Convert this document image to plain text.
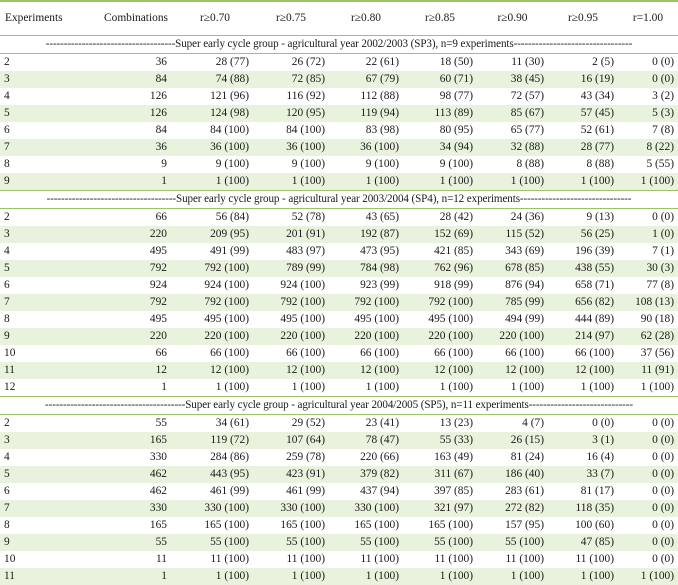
Experiments	Combinations	r≥0.70	r≥0.75	r≥0.80	r≥0.85	r≥0.90	r≥0.95	r=1.00
------------------------------------Super early cycle group - agricultural year 2002/2003 (SP3), n=9 experiments---------------------------------								
2	36	28 (77)	26 (72)	22 (61)	18 (50)	11 (30)	2 (5)	0 (0)
3	84	74 (88)	72 (85)	67 (79)	60 (71)	38 (45)	16 (19)	0 (0)
4	126	121 (96)	116 (92)	112 (88)	98 (77)	72 (57)	43 (34)	3 (2)
5	126	124 (98)	120 (95)	119 (94)	113 (89)	85 (67)	57 (45)	5 (3)
6	84	84 (100)	84 (100)	83 (98)	80 (95)	65 (77)	52 (61)	7 (8)
7	36	36 (100)	36 (100)	36 (100)	34 (94)	32 (88)	28 (77)	8 (22)
8	9	9 (100)	9 (100)	9 (100)	9 (100)	8 (88)	8 (88)	5 (55)
9	1	1 (100)	1 (100)	1 (100)	1 (100)	1 (100)	1 (100)	1 (100)
------------------------------------Super early cycle group - agricultural year 2003/2004 (SP4), n=12 experiments-------------------------------								
2	66	56 (84)	52 (78)	43 (65)	28 (42)	24 (36)	9 (13)	0 (0)
3	220	209 (95)	201 (91)	192 (87)	152 (69)	115 (52)	56 (25)	1 (0)
4	495	491 (99)	483 (97)	473 (95)	421 (85)	343 (69)	196 (39)	7 (1)
5	792	792 (100)	789 (99)	784 (98)	762 (96)	678 (85)	438 (55)	30 (3)
6	924	924 (100)	924 (100)	923 (99)	918 (99)	876 (94)	658 (71)	77 (8)
7	792	792 (100)	792 (100)	792 (100)	792 (100)	785 (99)	656 (82)	108 (13)
8	495	495 (100)	495 (100)	495 (100)	495 (100)	494 (99)	444 (89)	90 (18)
9	220	220 (100)	220 (100)	220 (100)	220 (100)	220 (100)	214 (97)	62 (28)
10	66	66 (100)	66 (100)	66 (100)	66 (100)	66 (100)	66 (100)	37 (56)
11	12	12 (100)	12 (100)	12 (100)	12 (100)	12 (100)	12 (100)	11 (91)
12	1	1 (100)	1 (100)	1 (100)	1 (100)	1 (100)	1 (100)	1 (100)
---------------------------------------Super early cycle group - agricultural year 2004/2005 (SP5), n=11 experiments-----------------------------								
2	55	34 (61)	29 (52)	23 (41)	13 (23)	4 (7)	0 (0)	0 (0)
3	165	119 (72)	107 (64)	78 (47)	55 (33)	26 (15)	3 (1)	0 (0)
4	330	284 (86)	259 (78)	220 (66)	163 (49)	81 (24)	16 (4)	0 (0)
5	462	443 (95)	423 (91)	379 (82)	311 (67)	186 (40)	33 (7)	0 (0)
6	462	461 (99)	461 (99)	437 (94)	397 (85)	283 (61)	81 (17)	0 (0)
7	330	330 (100)	330 (100)	330 (100)	321 (97)	272 (82)	118 (35)	0 (0)
8	165	165 (100)	165 (100)	165 (100)	165 (100)	157 (95)	100 (60)	0 (0)
9	55	55 (100)	55 (100)	55 (100)	55 (100)	55 (100)	47 (85)	0 (0)
10	11	11 (100)	11 (100)	11 (100)	11 (100)	11 (100)	11 (100)	0 (0)
11	1	1 (100)	1 (100)	1 (100)	1 (100)	1 (100)	1 (100)	1 (100)
